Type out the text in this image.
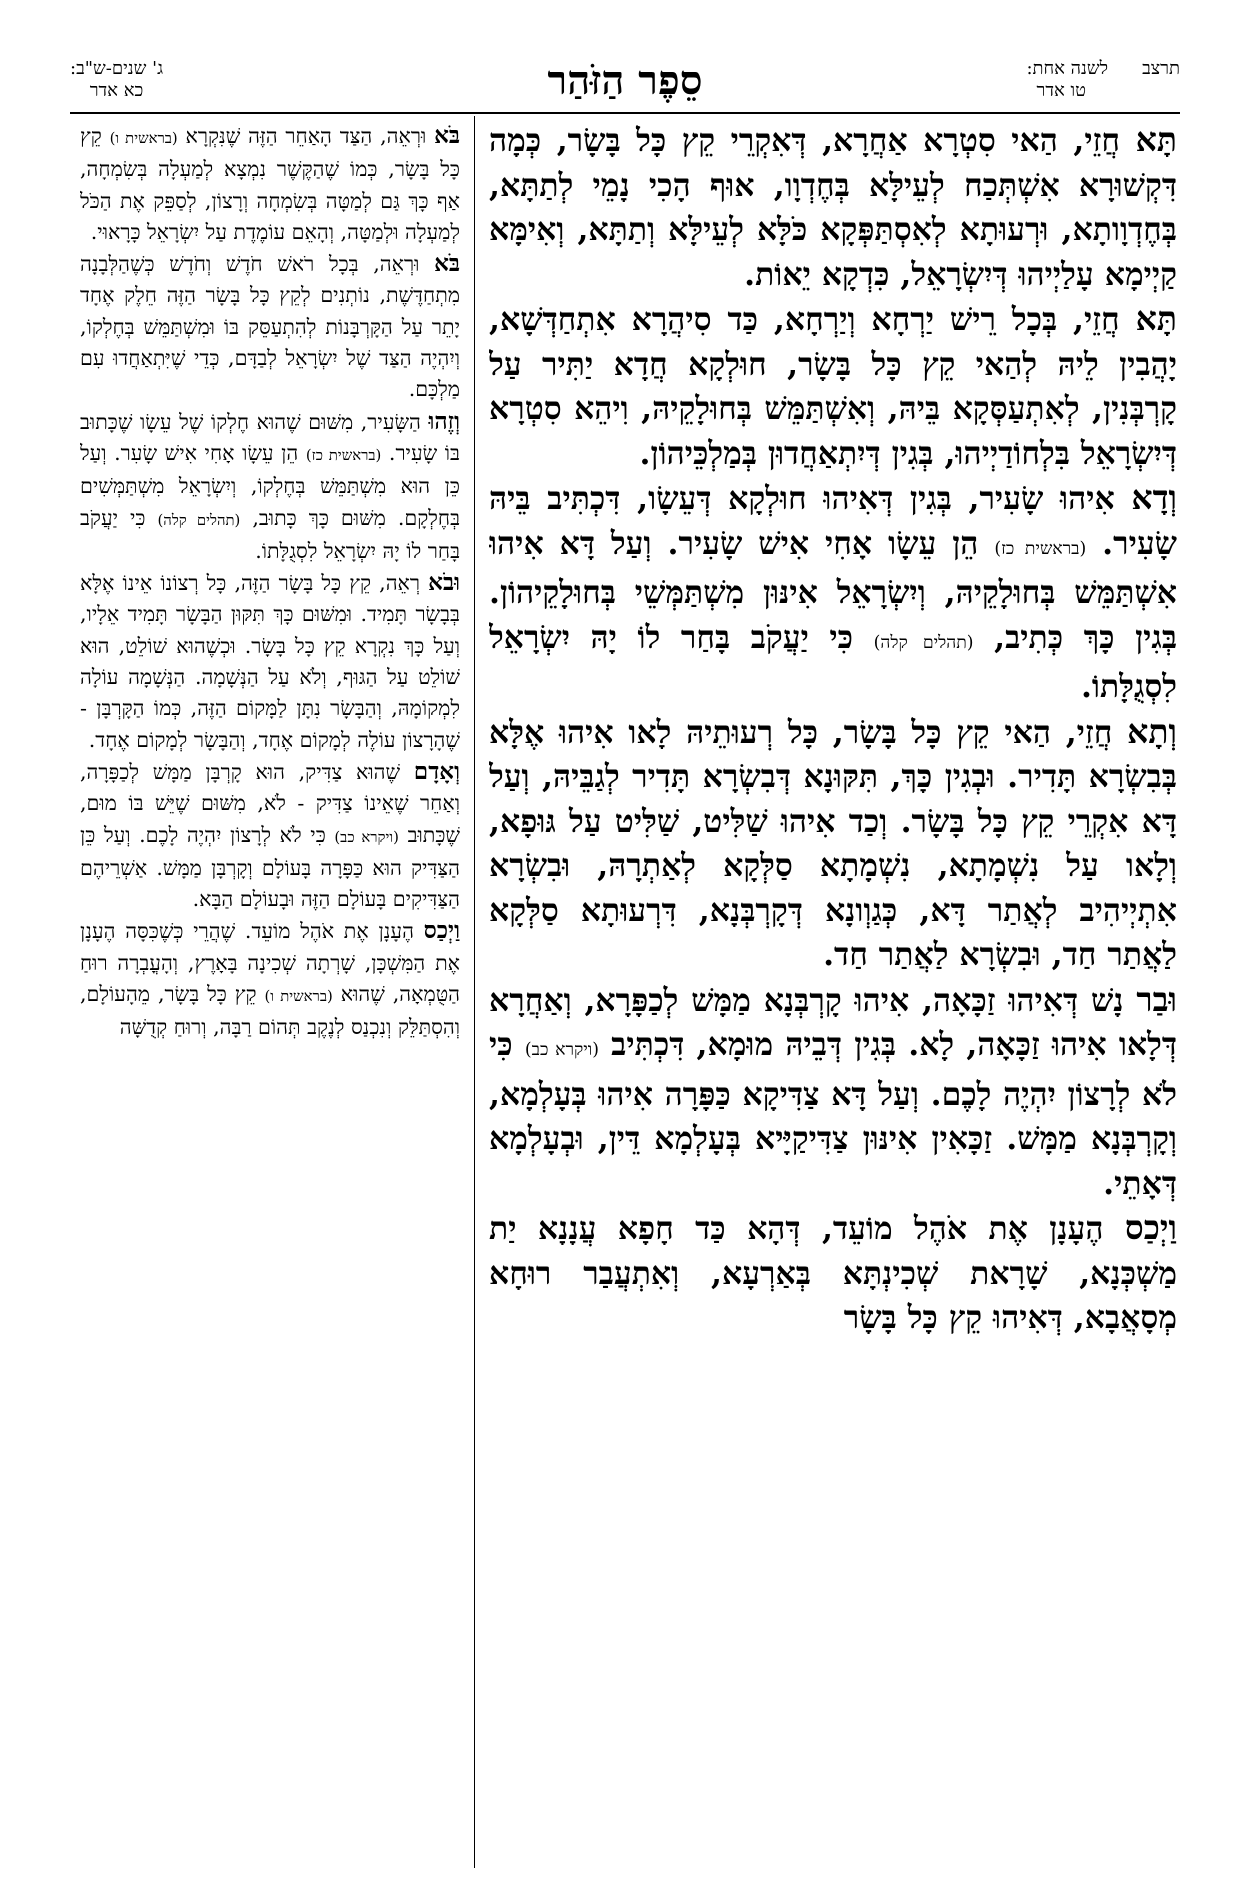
תרצבלשנה אחת:
טו אדר
סֵפֶר הַזֹּהַר
ג' שנים-ש"ב:
כא אדר

תָּא חֲזֵי, הַאי סִטְרָא אַחֲרָא, דְּאִקְרֵי קֵץ כָּל בָּשָׂר, כְּמָה דִּקְשׁוּרָא אִשְׁתְּכַח לְעֵילָּא בְּחֶדְוָו, אוּף הָכִי נָמֵי לְתַתָּא, בְּחֶדְוָותָא, וּרְעוּתָא לְאִסְתַּפְּקָא כֹּלָּא לְעֵילָּא וְתַתָּא, וְאִימָּא קַיְימָא עָלַיְיהוּ דְּיִשְׂרָאֵל, כִּדְקָא יֵאוֹת.

תָּא חֲזֵי, בְּכָל רֵישׁ יַרְחָא וְיַרְחָא, כַּד סִיהֲרָא אִתְחַדְּשָׁא, יָהֲבִין לֵיהּ לְהַאי קֵץ כָּל בָּשָׂר, חוּלְקָא חֲדָא יַתִּיר עַל קָרְבְּנִין, לְאִתְעַסְּקָא בֵּיהּ, וְאִשְׁתַּמֵּשׁ בְּחוּלָקֵיהּ, וִיהֵא סִטְרָא דְּיִשְׂרָאֵל בִּלְחוֹדַיְיהוּ, בְּגִין דְּיִתְאַחֲדוּן בְּמַלְכֵּיהוֹן.

וְדָא אִיהוּ שָׂעִיר, בְּגִין דְּאִיהוּ חוּלְקָא דְּעֵשָׂו, דִּכְתִּיב בֵּיהּ שָׂעִיר. (בראשית כז) הֵן עֵשָׂו אָחִי אִישׁ שָׂעִיר. וְעַל דָּא אִיהוּ אִשְׁתַּמֵּשׁ בְּחוּלָקֵיהּ, וְיִשְׂרָאֵל אִינּוּן מִשְׁתַּמְּשֵׁי בְּחוּלָקֵיהוֹן. בְּגִין כָּךְ כְּתִיב, (תהלים קלה) כִּי יַעֲקֹב בָּחַר לוֹ יָהּ יִשְׂרָאֵל לִסְגֻלָּתוֹ.

וְתָא חֲזֵי, הַאי קֵץ כָּל בָּשָׂר, כָּל רְעוּתֵיהּ לָאו אִיהוּ אֶלָּא בְּבִשְׂרָא תָּדִיר. וּבְגִין כָּךְ, תִּקּוּנָא דְּבִשְׂרָא תָּדִיר לְגַבֵּיהּ, וְעַל דָּא אִקְרֵי קֵץ כָּל בָּשָׂר. וְכַד אִיהוּ שַׁלִּיט, שַׁלִּיט עַל גּוּפָא, וְלָאו עַל נִשְׁמָתָא, נִשְׁמָתָא סַלְּקָא לְאַתְרָהּ, וּבִשְׂרָא אִתְיְיהִיב לְאֲתַר דָּא, כְּגַוְונָא דְּקָרְבְּנָא, דִּרְעוּתָא סַלְּקָא לַאֲתַר חַד, וּבִשְׂרָא לַאֲתַר חַד.

וּבַר נָשׁ דְּאִיהוּ זַכָּאָה, אִיהוּ קָרְבְּנָא מַמָּשׁ לְכַפָּרָא, וְאַחֲרָא דְּלָאו אִיהוּ זַכָּאָה, לָא. בְּגִין דְּבֵיהּ מוּמָא, דִּכְתִּיב (ויקרא כב) כִּי לֹא לְרָצוֹן יִהְיֶה לָכֶם. וְעַל דָּא צַדִּיקָא כַּפָּרָה אִיהוּ בְּעָלְמָא, וְקָרְבְּנָא מַמָּשׁ. זַכָּאִין אִינּוּן צַדִּיקַיָּיא בְּעָלְמָא דֵּין, וּבְעָלְמָא דְּאָתֵי.

וַיְכַס הֶעָנָן אֶת אֹהֶל מוֹעֵד, דְּהָא כַּד חָפָא עֲנָנָא יַת מַשְׁכְּנָא, שָׁרָאת שְׁכִינְתָּא בְּאַרְעָא, וְאִתְעֲבַר רוּחָא מְסָאֲבָא, דְּאִיהוּ קֵץ כָּל בָּשָׂר

בֹּא וּרְאֵה, הַצַּד הָאַחֵר הַזֶּה שֶׁנִּקְרָא (בראשית ו) קֵץ כָּל בָּשָׂר, כְּמוֹ שֶׁהַקֶּשֶׁר נִמְצָא לְמַעְלָה בְּשִׂמְחָה, אַף כָּךְ גַּם לְמַטָּה בְּשִׂמְחָה וְרָצוֹן, לְסַפֵּק אֶת הַכֹּל לְמַעְלָה וּלְמַטָּה, וְהָאֵם עוֹמֶדֶת עַל יִשְׂרָאֵל כָּרָאוּי.

בֹּא וּרְאֵה, בְּכָל רֹאשׁ חֹדֶשׁ וְחֹדֶשׁ כְּשֶׁהַלְּבָנָה מִתְחַדֶּשֶׁת, נוֹתְנִים לְקֵץ כָּל בָּשָׂר הַזֶּה חֵלֶק אֶחָד יָתֵר עַל הַקָּרְבָּנוֹת לְהִתְעַסֵּק בּוֹ וּמִשְׁתַּמֵּשׁ בְּחֶלְקוֹ, וְיִהְיֶה הַצַּד שֶׁל יִשְׂרָאֵל לְבַדָּם, כְּדֵי שֶׁיִּתְאַחֲדוּ עִם מַלְכָּם.

וְזֶהוּ הַשָּׂעִיר, מִשּׁוּם שֶׁהוּא חֶלְקוֹ שֶׁל עֵשָׂו שֶׁכָּתוּב בּוֹ שָׂעִיר. (בראשית כז) הֵן עֵשָׂו אָחִי אִישׁ שָׂעִר. וְעַל כֵּן הוּא מִשְׁתַּמֵּשׁ בְּחֶלְקוֹ, וְיִשְׂרָאֵל מִשְׁתַּמְּשִׁים בְּחֶלְקָם. מִשּׁוּם כָּךְ כָּתוּב, (תהלים קלה) כִּי יַעֲקֹב בָּחַר לוֹ יָהּ יִשְׂרָאֵל לִסְגֻלָּתוֹ.

וּבֹא רְאֵה, קֵץ כָּל בָּשָׂר הַזֶּה, כָּל רְצוֹנוֹ אֵינוֹ אֶלָּא בְּבָשָׂר תָּמִיד. וּמִשּׁוּם כָּךְ תִּקּוּן הַבָּשָׂר תָּמִיד אֵלָיו, וְעַל כָּךְ נִקְרָא קֵץ כָּל בָּשָׂר. וּכְשֶׁהוּא שׁוֹלֵט, הוּא שׁוֹלֵט עַל הַגּוּף, וְלֹא עַל הַנְּשָׁמָה. הַנְּשָׁמָה עוֹלָה לִמְקוֹמָהּ, וְהַבָּשָׂר נִתָּן לַמָּקוֹם הַזֶּה, כְּמוֹ הַקָּרְבָּן - שֶׁהָרָצוֹן עוֹלֶה לְמָקוֹם אֶחָד, וְהַבָּשָׂר לְמָקוֹם אֶחָד.

וְאָדָם שֶׁהוּא צַדִּיק, הוּא קָרְבָּן מַמָּשׁ לְכַפָּרָה, וְאַחֵר שֶׁאֵינוֹ צַדִּיק - לֹא, מִשּׁוּם שֶׁיֵּשׁ בּוֹ מוּם, שֶׁכָּתוּב (ויקרא כב) כִּי לֹא לְרָצוֹן יִהְיֶה לָכֶם. וְעַל כֵּן הַצַּדִּיק הוּא כַּפָּרָה בָּעוֹלָם וְקָרְבָּן מַמָּשׁ. אַשְׁרֵיהֶם הַצַּדִּיקִים בָּעוֹלָם הַזֶּה וּבָעוֹלָם הַבָּא.

וַיְכַס הֶעָנָן אֶת אֹהֶל מוֹעֵד. שֶׁהֲרֵי כְּשֶׁכִּסָּה הֶעָנָן אֶת הַמִּשְׁכָּן, שָׁרְתָה שְׁכִינָה בָּאָרֶץ, וְהָעֳבְרָה רוּחַ הַטֻּמְאָה, שֶׁהוּא (בראשית ו) קֵץ כָּל בָּשָׂר, מֵהָעוֹלָם, וְהִסְתַּלֵּק וְנִכְנַס לְנֶקֶב תְּהוֹם רַבָּה, וְרוּחַ קְדֻשָּׁה
